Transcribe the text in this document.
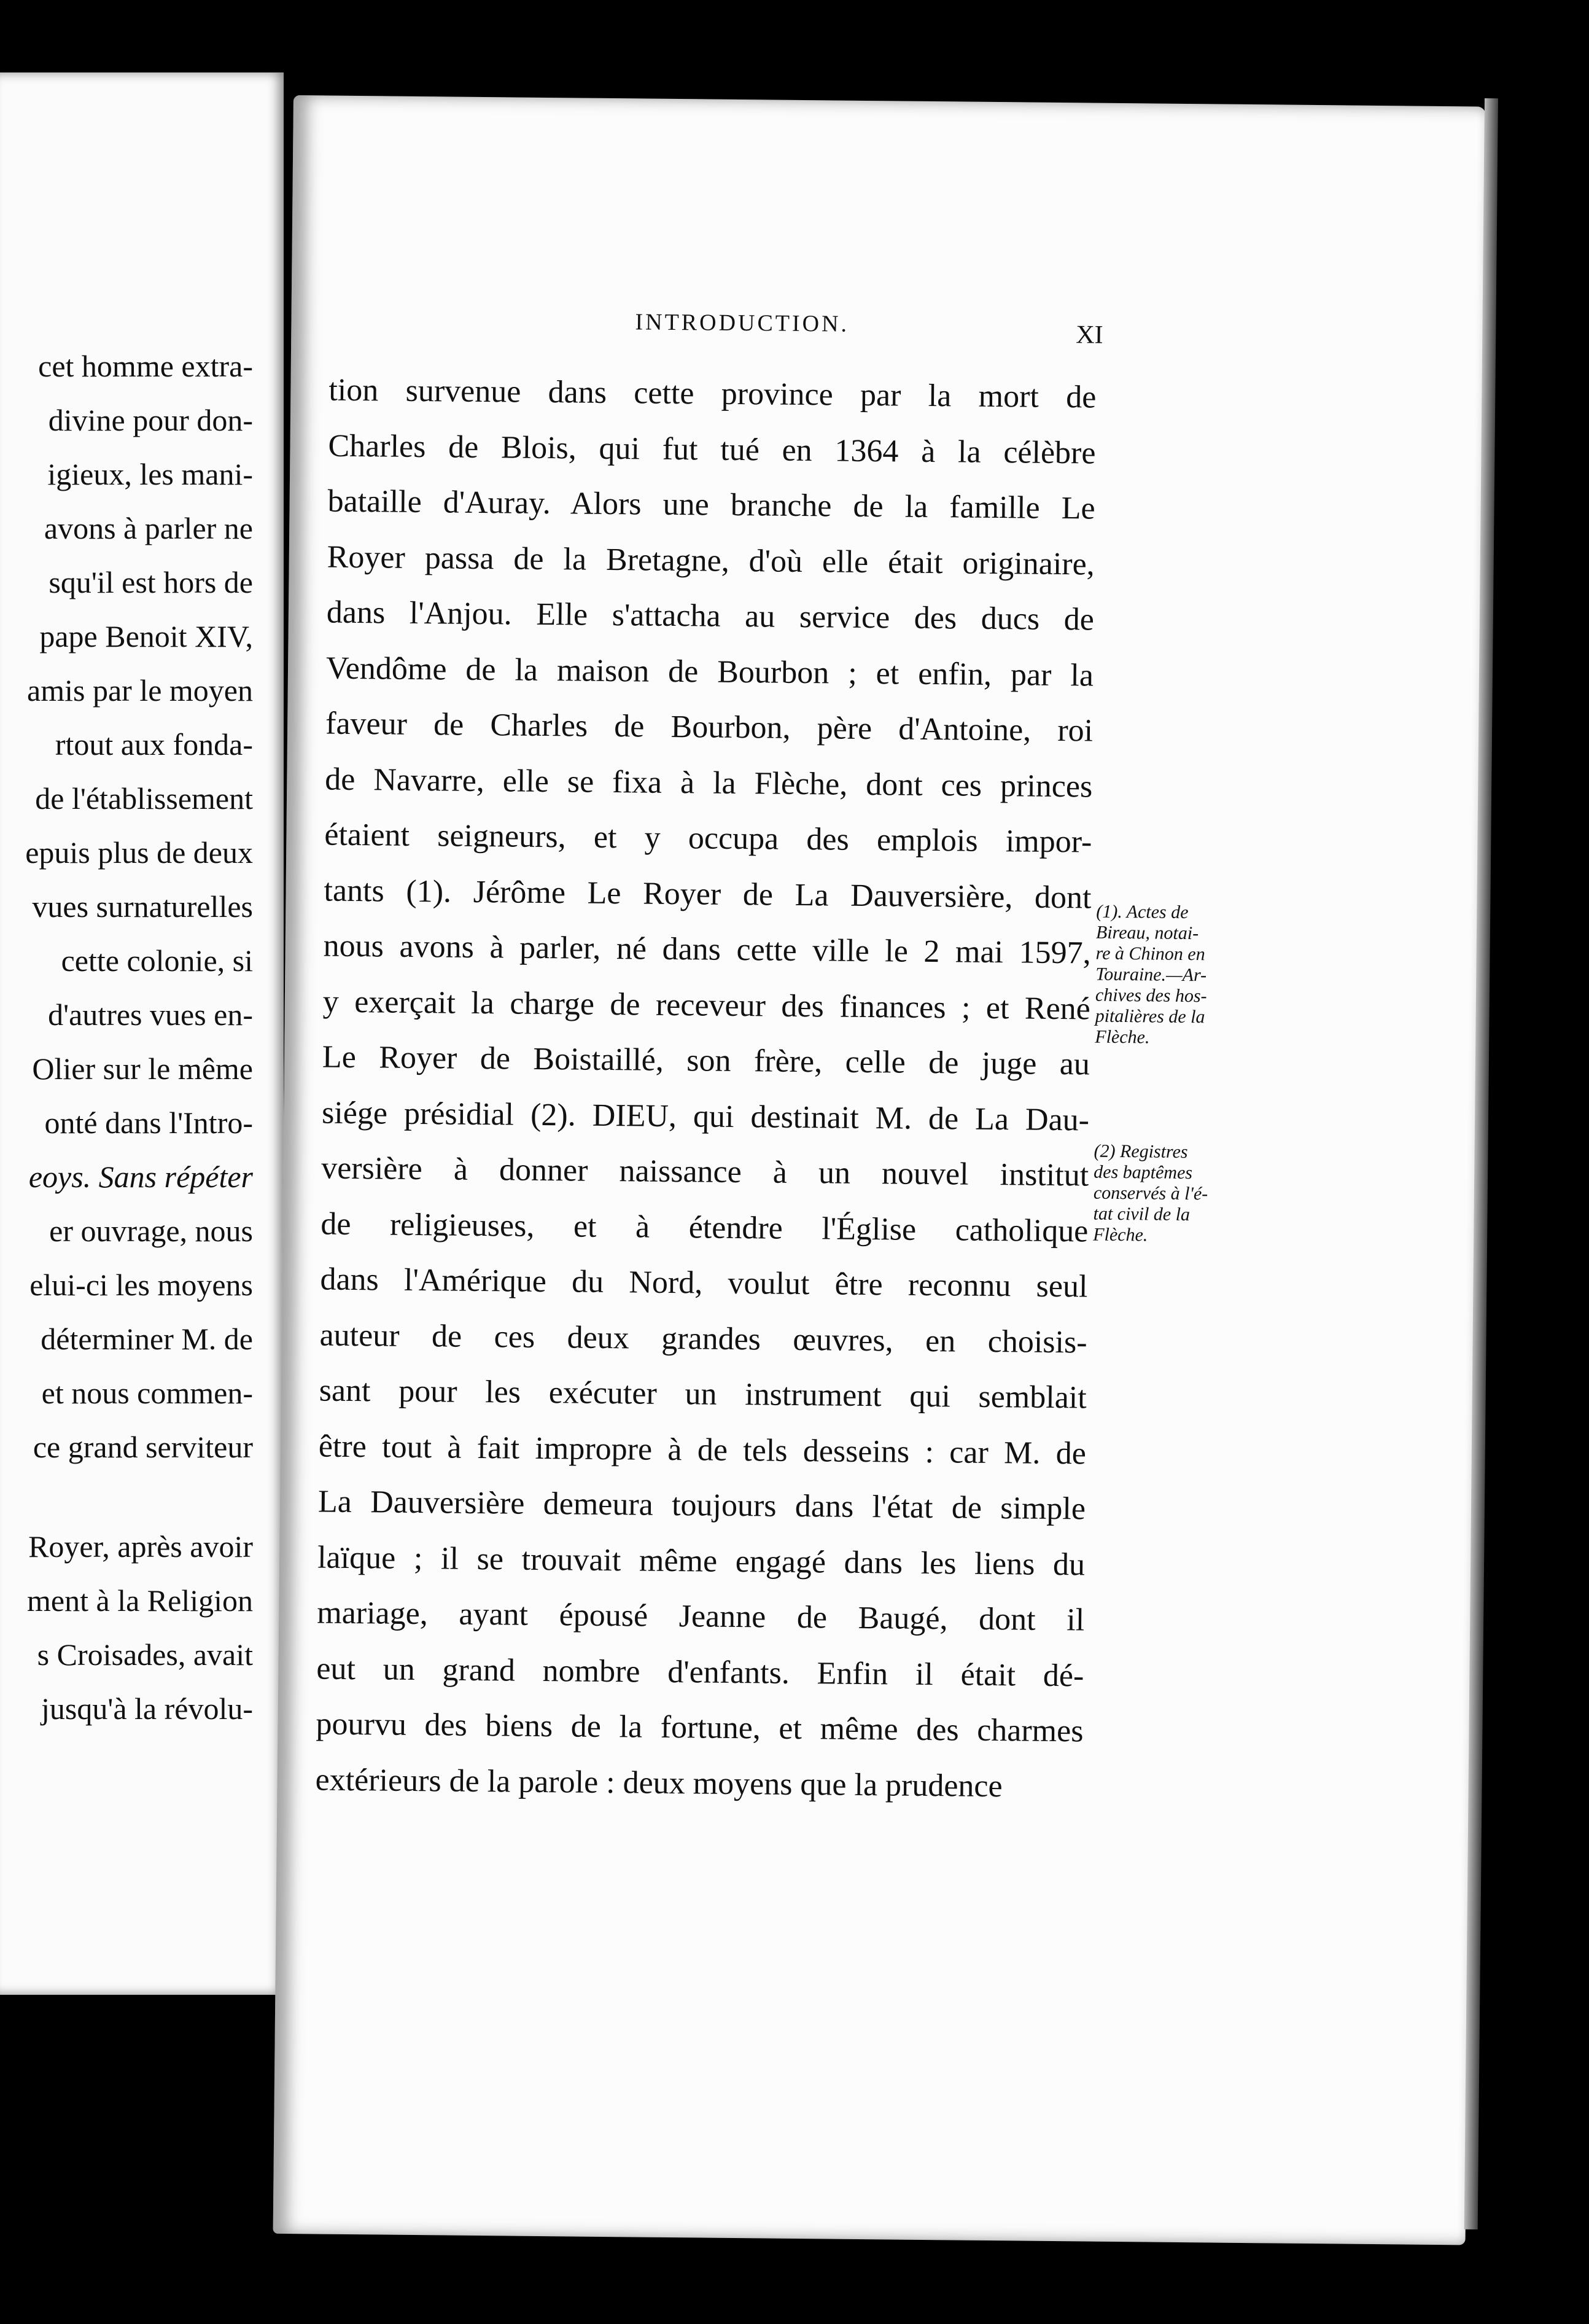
cet homme extra-
divine pour don-
igieux, les mani-
avons à parler ne
squ'il est hors de
pape Benoit XIV,
amis par le moyen
rtout aux fonda-
de l'établissement
epuis plus de deux
vues surnaturelles
cette colonie, si
d'autres vues en-
Olier sur le même
onté dans l'Intro-
eoys. Sans répéter
er ouvrage, nous
elui-ci les moyens
déterminer M. de
et nous commen-
ce grand serviteur
Royer, après avoir
ment à la Religion
s Croisades, avait
jusqu'à la révolu-
INTRODUCTION.	XI
tion survenue dans cette province par la mort de
Charles de Blois, qui fut tué en 1364 à la célèbre
bataille d'Auray. Alors une branche de la famille Le
Royer passa de la Bretagne, d'où elle était originaire,
dans l'Anjou. Elle s'attacha au service des ducs de
Vendôme de la maison de Bourbon ; et enfin, par la
faveur de Charles de Bourbon, père d'Antoine, roi
de Navarre, elle se fixa à la Flèche, dont ces princes
étaient seigneurs, et y occupa des emplois impor-
tants (1). Jérôme Le Royer de La Dauversière, dont
nous avons à parler, né dans cette ville le 2 mai 1597,
y exerçait la charge de receveur des finances ; et René
Le Royer de Boistaillé, son frère, celle de juge au
siége présidial (2). DIEU, qui destinait M. de La Dau-
versière à donner naissance à un nouvel institut
de religieuses, et à étendre l'Église catholique
dans l'Amérique du Nord, voulut être reconnu seul
auteur de ces deux grandes œuvres, en choisis-
sant pour les exécuter un instrument qui semblait
être tout à fait impropre à de tels desseins : car M. de
La Dauversière demeura toujours dans l'état de simple
laïque ; il se trouvait même engagé dans les liens du
mariage, ayant épousé Jeanne de Baugé, dont il
eut un grand nombre d'enfants. Enfin il était dé-
pourvu des biens de la fortune, et même des charmes
extérieurs de la parole : deux moyens que la prudence
(1). Actes de
Bireau, notai-
re à Chinon en
Touraine.—Ar-
chives des hos-
pitalières de la
Flèche.
(2) Registres
des baptêmes
conservés à l'é-
tat civil de la
Flèche.
